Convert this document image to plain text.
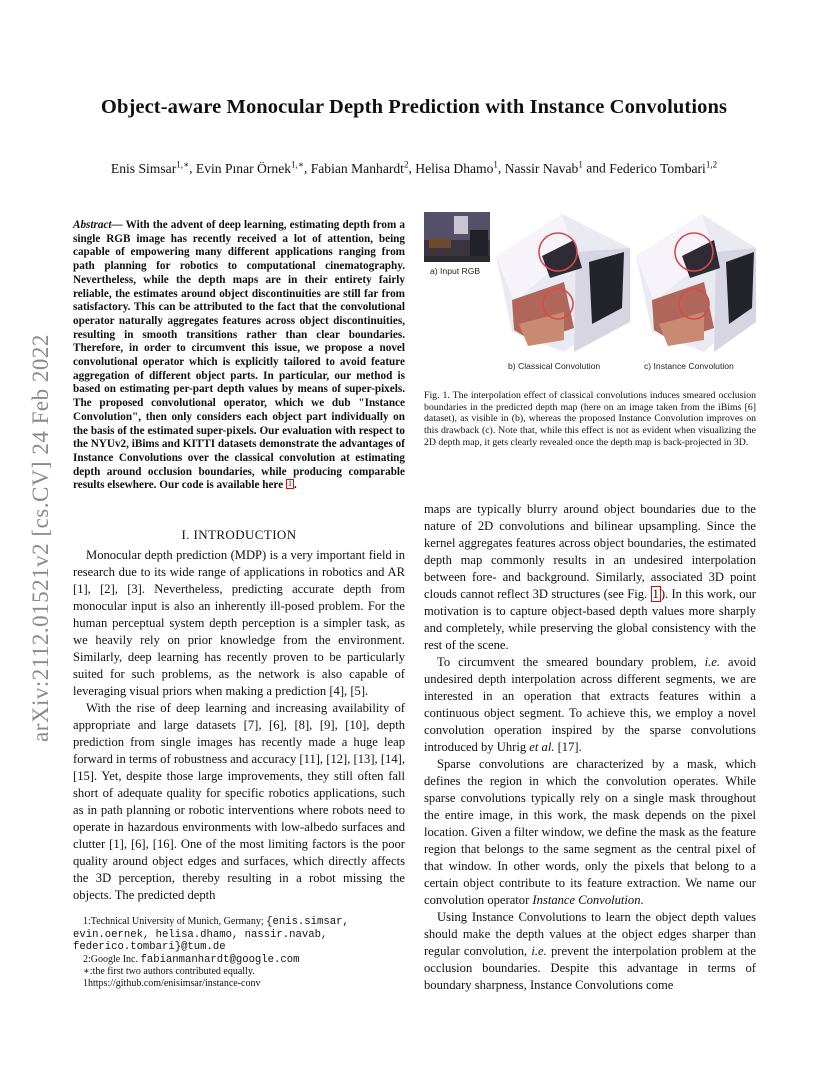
arXiv:2112.01521v2 [cs.CV] 24 Feb 2022
Object-aware Monocular Depth Prediction with Instance Convolutions
Enis Simsar$^{1,∗}$, Evin Pınar Örnek$^{1,∗}$, Fabian Manhardt$^2$, Helisa Dhamo$^1$, Nassir Navab$^1$ and Federico Tombari$^{1,2}$
Abstract— With the advent of deep learning, estimating depth from a single RGB image has recently received a lot of attention, being capable of empowering many different applications ranging from path planning for robotics to computational cinematography. Nevertheless, while the depth maps are in their entirety fairly reliable, the estimates around object discontinuities are still far from satisfactory. This can be attributed to the fact that the convolutional operator naturally aggregates features across object discontinuities, resulting in smooth transitions rather than clear boundaries. Therefore, in order to circumvent this issue, we propose a novel convolutional operator which is explicitly tailored to avoid feature aggregation of different object parts. In particular, our method is based on estimating per-part depth values by means of super-pixels. The proposed convolutional operator, which we dub "Instance Convolution", then only considers each object part individually on the basis of the estimated super-pixels. Our evaluation with respect to the NYUv2, iBims and KITTI datasets demonstrate the advantages of Instance Convolutions over the classical convolution at estimating depth around occlusion boundaries, while producing comparable results elsewhere. Our code is available here 1 .
I. INTRODUCTION

Monocular depth prediction (MDP) is a very important field in research due to its wide range of applications in robotics and AR [1], [2], [3]. Nevertheless, predicting accurate depth from monocular input is also an inherently ill-posed problem. For the human perceptual system depth perception is a simpler task, as we heavily rely on prior knowledge from the environment. Similarly, deep learning has recently proven to be particularly suited for such problems, as the network is also capable of leveraging visual priors when making a prediction [4], [5].

With the rise of deep learning and increasing availability of appropriate and large datasets [7], [6], [8], [9], [10], depth prediction from single images has recently made a huge leap forward in terms of robustness and accuracy [11], [12], [13], [14], [15]. Yet, despite those large improvements, they still often fall short of adequate quality for specific robotics applications, such as in path planning or robotic interventions where robots need to operate in hazardous environments with low-albedo surfaces and clutter [1], [6], [16]. One of the most limiting factors is the poor quality around object edges and surfaces, which directly affects the 3D perception, thereby resulting in a robot missing the objects. The predicted depth

1:Technical University of Munich, Germany; {enis.simsar, evin.oernek, helisa.dhamo, nassir.navab, federico.tombari}@tum.de

2:Google Inc. fabianmanhardt@google.com

∗:the first two authors contributed equally.

1https://github.com/enisimsar/instance-conv

a) Input RGB
b) Classical Convolution	c) Instance Convolution
Fig. 1. The interpolation effect of classical convolutions induces smeared occlusion boundaries in the predicted depth map (here on an image taken from the iBims [6] dataset), as visible in (b), whereas the proposed Instance Convolution improves on this drawback (c). Note that, while this effect is not as evident when visualizing the 2D depth map, it gets clearly revealed once the depth map is back-projected in 3D.

maps are typically blurry around object boundaries due to the nature of 2D convolutions and bilinear upsampling. Since the kernel aggregates features across object boundaries, the estimated depth map commonly results in an undesired interpolation between fore- and background. Similarly, associated 3D point clouds cannot reflect 3D structures (see Fig. 1 ). In this work, our motivation is to capture object-based depth values more sharply and completely, while preserving the global consistency with the rest of the scene.

To circumvent the smeared boundary problem, i.e. avoid undesired depth interpolation across different segments, we are interested in an operation that extracts features within a continuous object segment. To achieve this, we employ a novel convolution operation inspired by the sparse convolutions introduced by Uhrig et al. [17].

Sparse convolutions are characterized by a mask, which defines the region in which the convolution operates. While sparse convolutions typically rely on a single mask throughout the entire image, in this work, the mask depends on the pixel location. Given a filter window, we define the mask as the feature region that belongs to the same segment as the central pixel of that window. In other words, only the pixels that belong to a certain object contribute to its feature extraction. We name our convolution operator Instance Convolution.

Using Instance Convolutions to learn the object depth values should make the depth values at the object edges sharper than regular convolution, i.e. prevent the interpolation problem at the occlusion boundaries. Despite this advantage in terms of boundary sharpness, Instance Convolutions come
